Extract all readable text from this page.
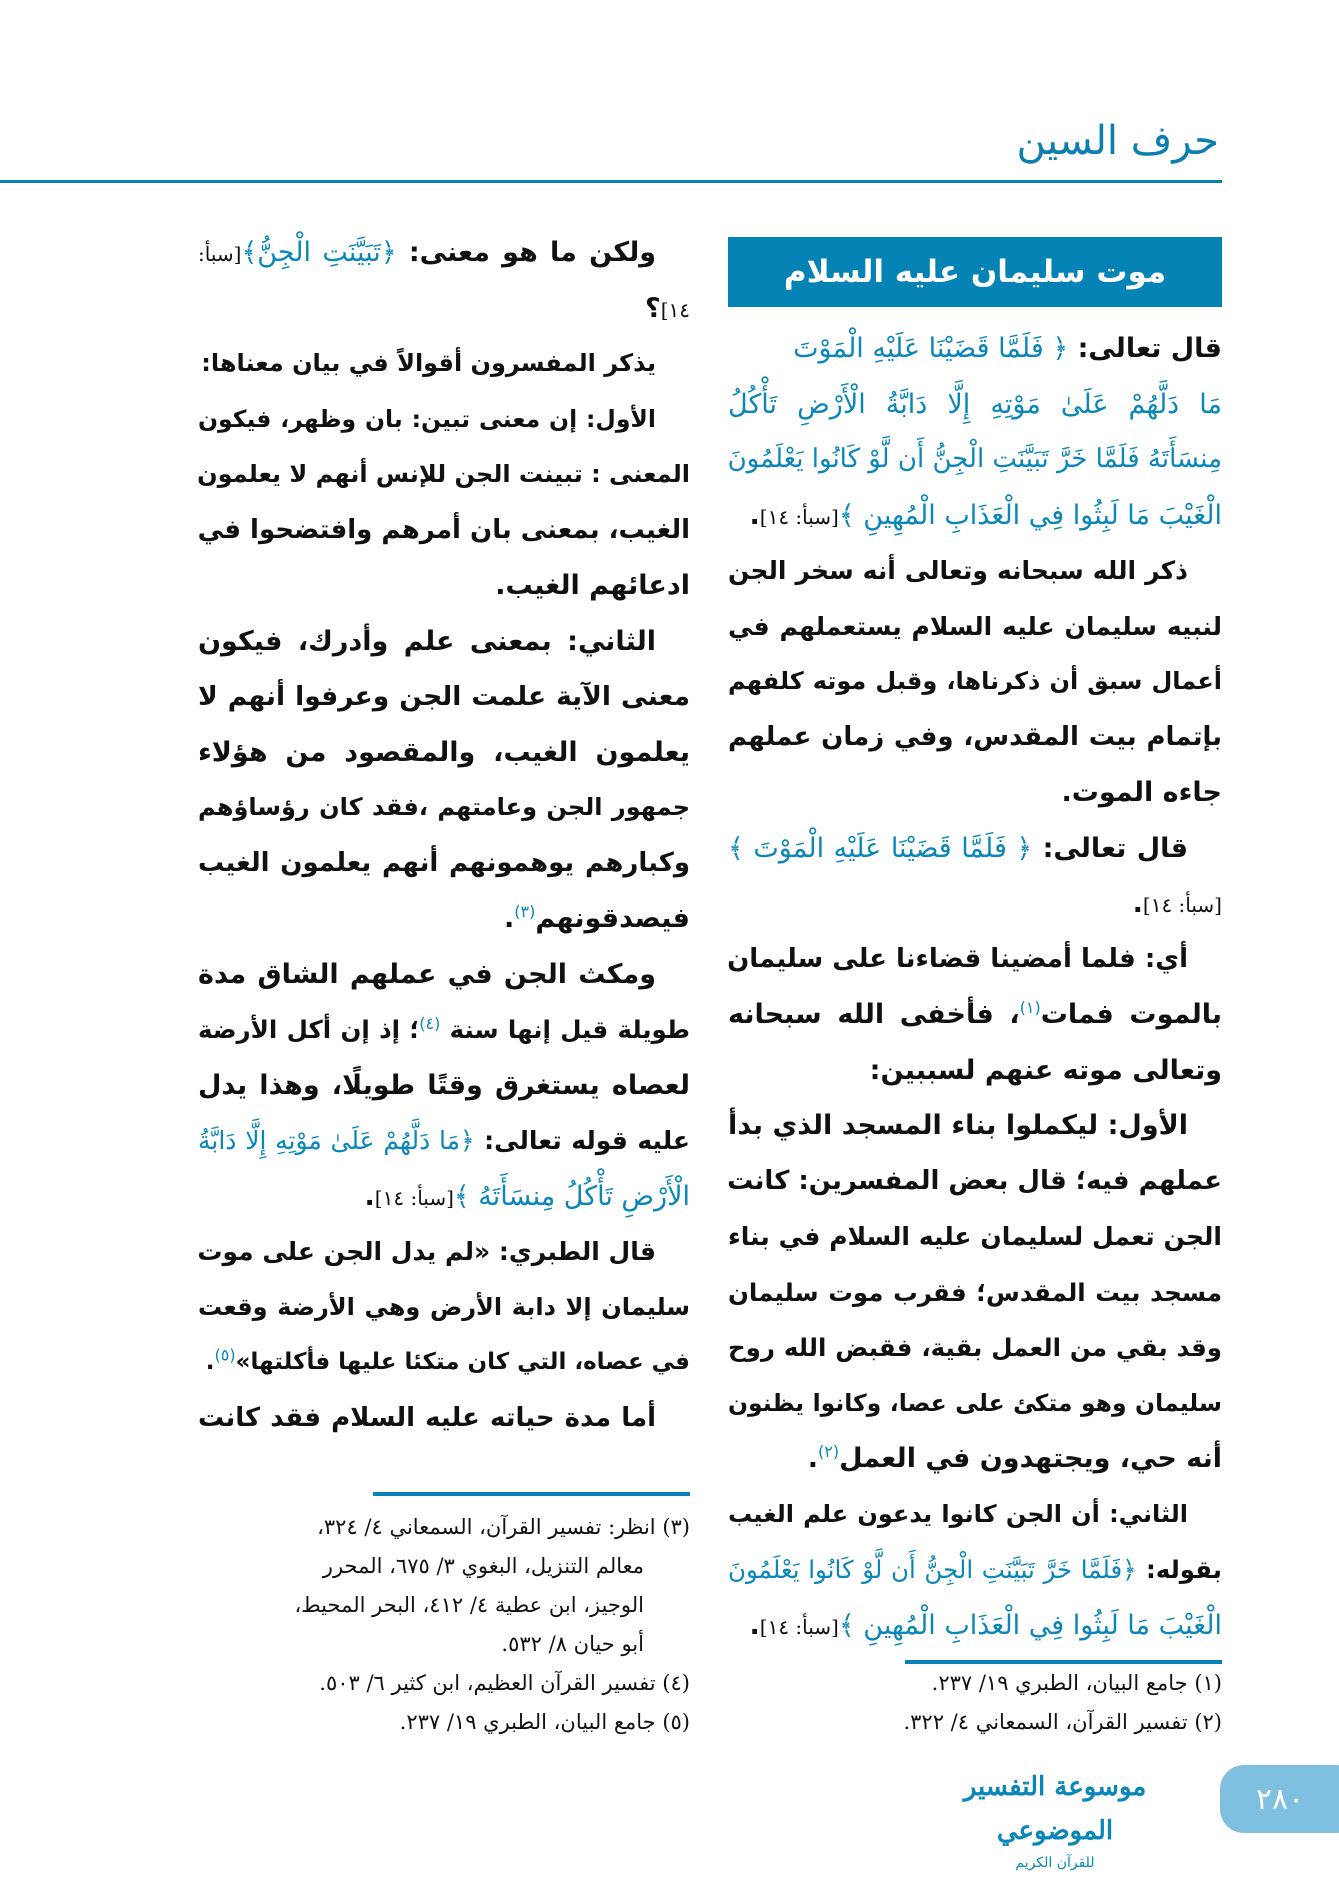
حرف السين
موت سليمان عليه السلام
قال تعالى: ﴿ فَلَمَّا قَضَيْنَا عَلَيْهِ الْمَوْتَ
مَا دَلَّهُمْ عَلَىٰ مَوْتِهِ إِلَّا دَابَّةُ الْأَرْضِ تَأْكُلُ
مِنسَأَتَهُ فَلَمَّا خَرَّ تَبَيَّنَتِ الْجِنُّ أَن لَّوْ كَانُوا يَعْلَمُونَ
الْغَيْبَ مَا لَبِثُوا فِي الْعَذَابِ الْمُهِينِ ﴾[سبأ: ١٤].
ذكر الله سبحانه وتعالى أنه سخر الجن
لنبيه سليمان عليه السلام يستعملهم في
أعمال سبق أن ذكرناها، وقبل موته كلفهم
بإتمام بيت المقدس، وفي زمان عملهم
جاءه الموت.
قال تعالى: ﴿ فَلَمَّا قَضَيْنَا عَلَيْهِ الْمَوْتَ ﴾
[سبأ: ١٤].
أي: فلما أمضينا قضاءنا على سليمان
بالموت فمات$^{(١)}$، فأخفى الله سبحانه
وتعالى موته عنهم لسببين:
الأول: ليكملوا بناء المسجد الذي بدأ
عملهم فيه؛ قال بعض المفسرين: كانت
الجن تعمل لسليمان عليه السلام في بناء
مسجد بيت المقدس؛ فقرب موت سليمان
وقد بقي من العمل بقية، فقبض الله روح
سليمان وهو متكئ على عصا، وكانوا يظنون
أنه حي، ويجتهدون في العمل$^{(٢)}$.
الثاني: أن الجن كانوا يدعون علم الغيب
بقوله: ﴿فَلَمَّا خَرَّ تَبَيَّنَتِ الْجِنُّ أَن لَّوْ كَانُوا يَعْلَمُونَ
الْغَيْبَ مَا لَبِثُوا فِي الْعَذَابِ الْمُهِينِ ﴾[سبأ: ١٤].
(١) جامع البيان، الطبري ١٩/ ٢٣٧.
(٢) تفسير القرآن، السمعاني ٤/ ٣٢٢.
ولكن ما هو معنى: ﴿تَبَيَّنَتِ الْجِنُّ﴾[سبأ:
١٤]؟
يذكر المفسرون أقوالاً في بيان معناها:
الأول: إن معنى تبين: بان وظهر، فيكون
المعنى : تبينت الجن للإنس أنهم لا يعلمون
الغيب، بمعنى بان أمرهم وافتضحوا في
ادعائهم الغيب.
الثاني: بمعنى علم وأدرك، فيكون
معنى الآية علمت الجن وعرفوا أنهم لا
يعلمون الغيب، والمقصود من هؤلاء
جمهور الجن وعامتهم ،فقد كان رؤساؤهم
وكبارهم يوهمونهم أنهم يعلمون الغيب
فيصدقونهم$^{(٣)}$.
ومكث الجن في عملهم الشاق مدة
طويلة قيل إنها سنة $^{(٤)}$؛ إذ إن أكل الأرضة
لعصاه يستغرق وقتًا طويلًا، وهذا يدل
عليه قوله تعالى: ﴿مَا دَلَّهُمْ عَلَىٰ مَوْتِهِ إِلَّا دَابَّةُ
الْأَرْضِ تَأْكُلُ مِنسَأَتَهُ ﴾[سبأ: ١٤].
قال الطبري: «لم يدل الجن على موت
سليمان إلا دابة الأرض وهي الأرضة وقعت
في عصاه، التي كان متكئا عليها فأكلتها»$^{(٥)}$.
أما مدة حياته عليه السلام فقد كانت
(٣) انظر: تفسير القرآن، السمعاني ٤/ ٣٢٤،
معالم التنزيل، البغوي ٣/ ٦٧٥، المحرر
الوجيز، ابن عطية ٤/ ٤١٢، البحر المحيط،
أبو حيان ٨/ ٥٣٢.
(٤) تفسير القرآن العظيم، ابن كثير ٦/ ٥٠٣.
(٥) جامع البيان، الطبري ١٩/ ٢٣٧.
موسوعة التفسير الموضوعي
للقرآن الكريم
٢٨٠
